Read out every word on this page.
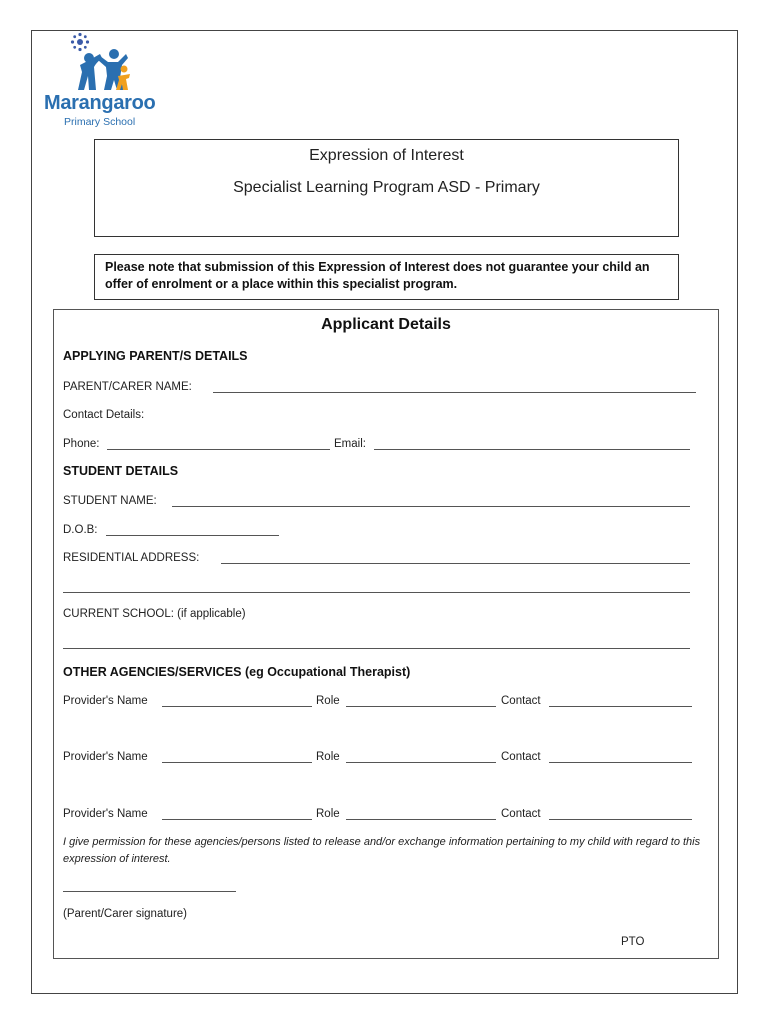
Marangaroo
Primary School
Expression of Interest
Specialist Learning Program ASD - Primary
Please note that submission of this Expression of Interest does not guarantee your child an offer of enrolment or a place within this specialist program.
Applicant Details
APPLYING PARENT/S DETAILS
PARENT/CARER NAME:
Contact Details:
Phone:	Email:
STUDENT DETAILS
STUDENT NAME:
D.O.B:
RESIDENTIAL ADDRESS:
CURRENT SCHOOL: (if applicable)
OTHER AGENCIES/SERVICES (eg Occupational Therapist)
Provider's Name	Role	Contact
Provider's Name	Role	Contact
Provider's Name	Role	Contact
I give permission for these agencies/persons listed to release and/or exchange information pertaining to my child with regard to this expression of interest.
(Parent/Carer signature)
PTO
